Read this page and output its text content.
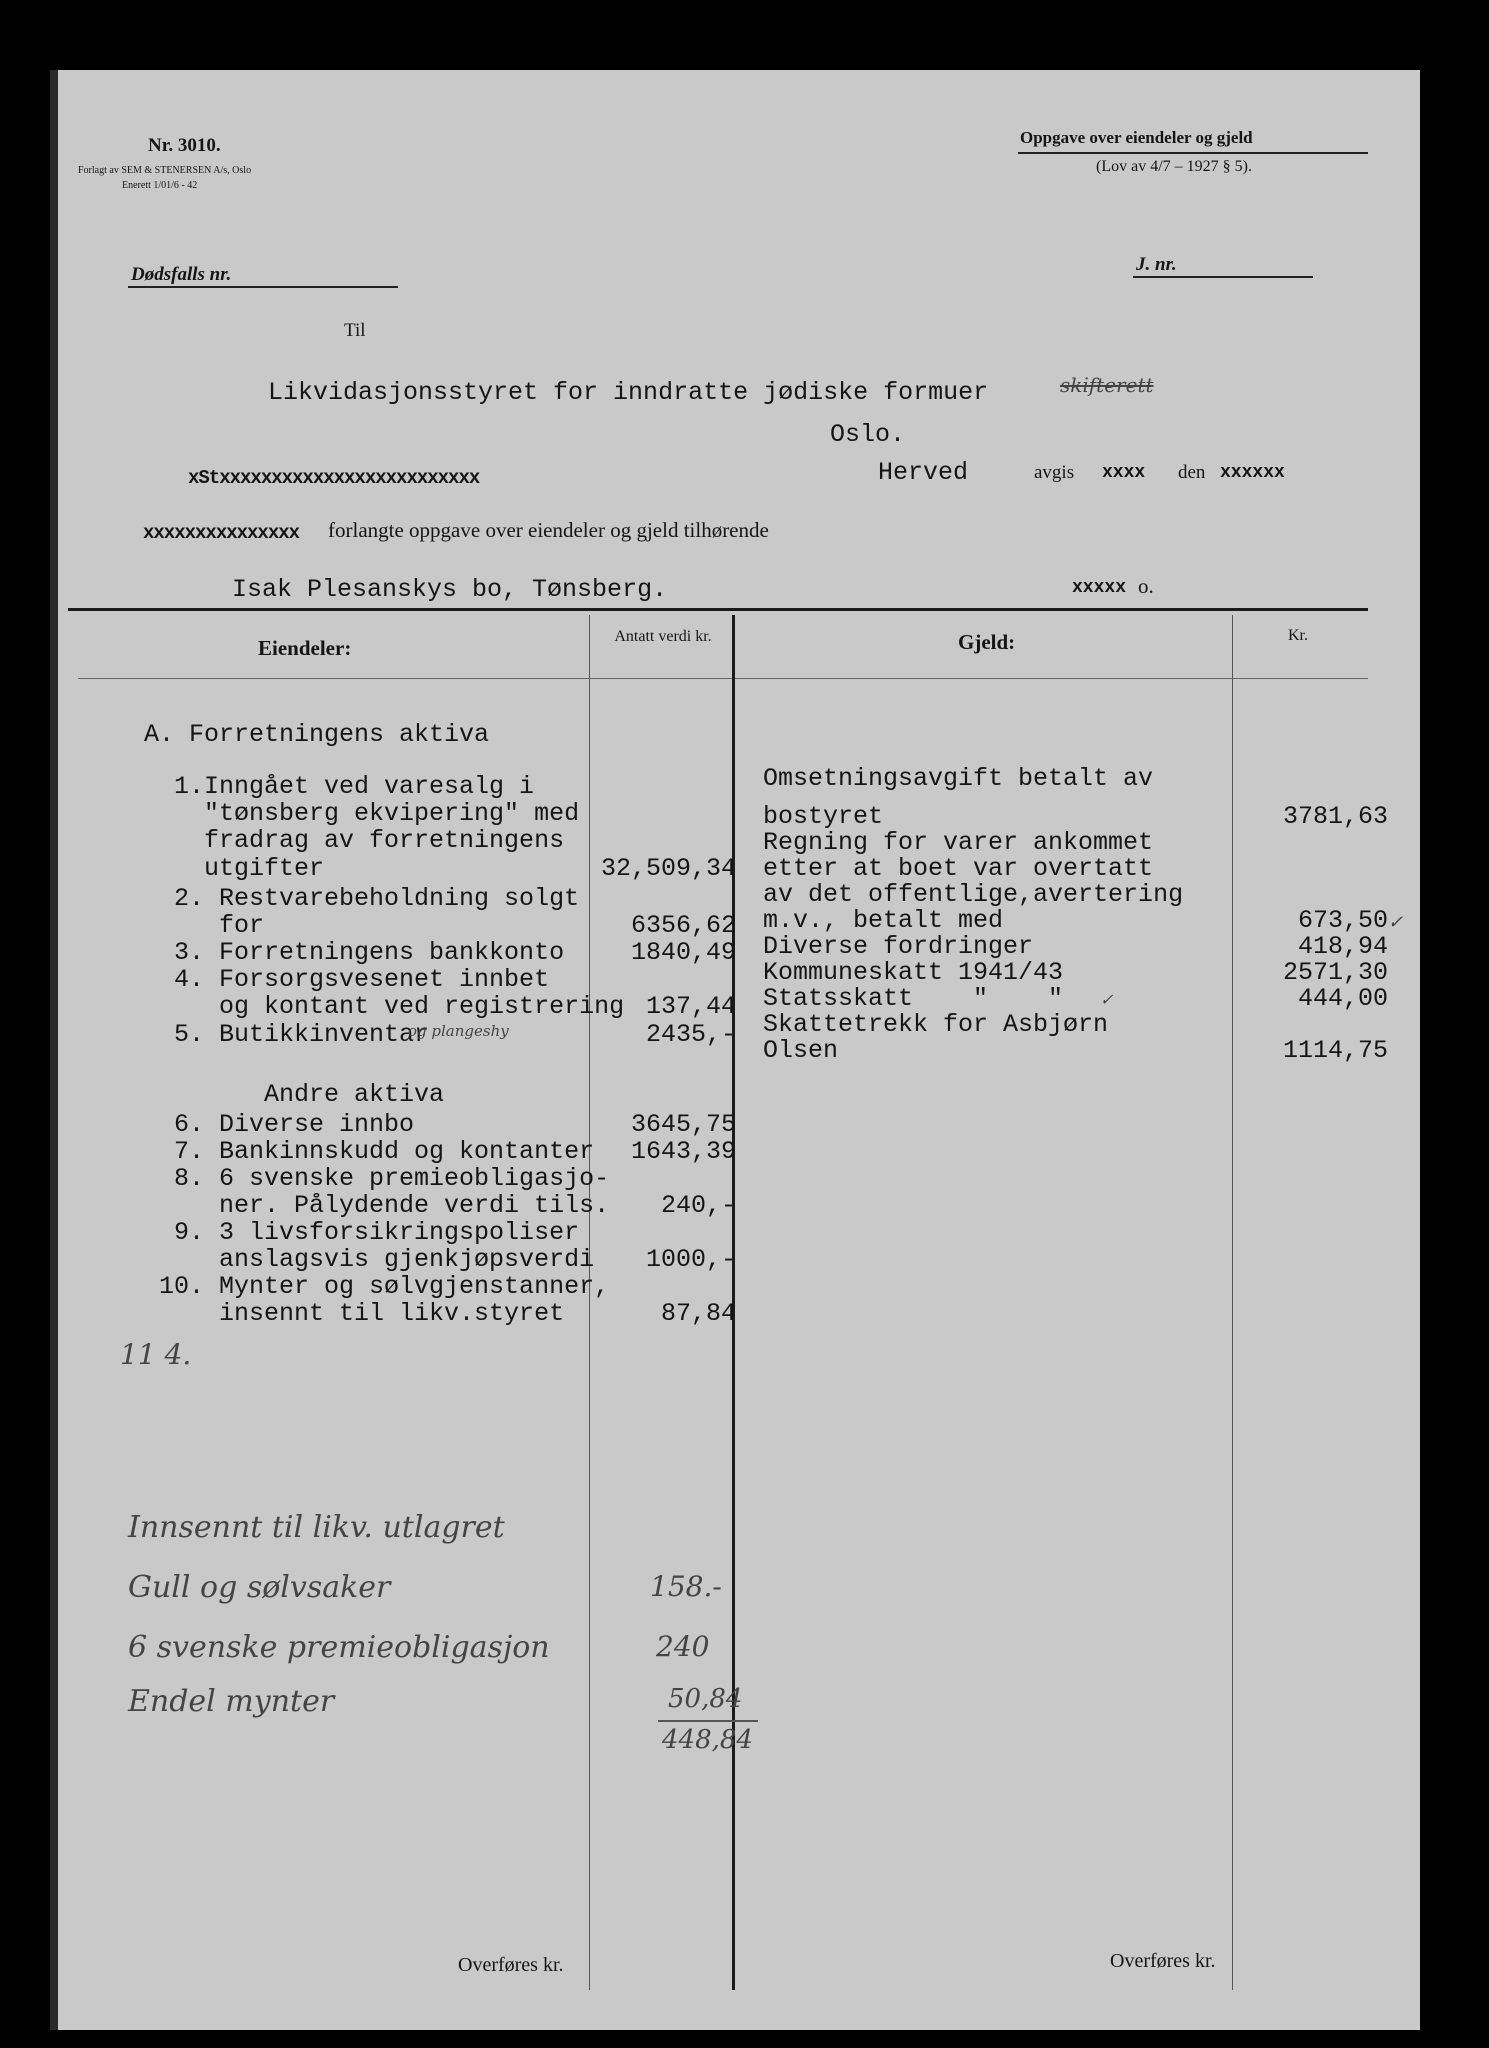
Nr. 3010.
Forlagt av SEM & STENERSEN A/s, Oslo
Enerett 1/01/6 - 42
Oppgave over eiendeler og gjeld
(Lov av 4/7 – 1927 § 5).
Dødsfalls nr.	J. nr.
Til
Likvidasjonsstyret for inndratte jødiske formuer	skifterett
Oslo.
xStxxxxxxxxxxxxxxxxxxxxxxxxx	Herved	avgis xxxx den xxxxxx
xxxxxxxxxxxxxxx forlangte oppgave over eiendeler og gjeld tilhørende
Isak Plesanskys bo, Tønsberg.	xxxxx o.
Eiendeler:	Antatt verdi kr.	Gjeld:	Kr.
A. Forretningens aktiva
1.Inngået ved varesalg i
"tønsberg ekvipering" med
fradrag av forretningens
utgifter	32,509,34
2. Restvarebeholdning solgt
for	6356,62
3. Forretningens bankkonto	1840,49
4. Forsorgsvesenet innbet
og kontant ved registrering 137,44
5. Butikkinventar	2435,-
Andre aktiva
6. Diverse innbo	3645,75
7. Bankinnskudd og kontanter 1643,39
8. 6 svenske premieobligasjo-
ner. Pålydende verdi tils. 240,-
9. 3 livsforsikringspoliser
anslagsvis gjenkjøpsverdi 1000,-
10. Mynter og sølvgjenstanner,
insennt til likv.styret	87,84
Omsetningsavgift betalt av
bostyret	3781,63
Regning for varer ankommet
etter at boet var overtatt
av det offentlige,avertering
m.v., betalt med	673,50
Diverse fordringer	418,94
Kommuneskatt 1941/43	2571,30
Statsskatt    "    "	444,00
Skattetrekk for Asbjørn
Olsen	1114,75
og plangeshy
✓
✓
11 4.
Innsennt til likv. utlagret
Gull og sølvsaker	158.-
6 svenske premieobligasjon	240
Endel mynter	50,84
448,84
Overføres kr.	Overføres kr.
